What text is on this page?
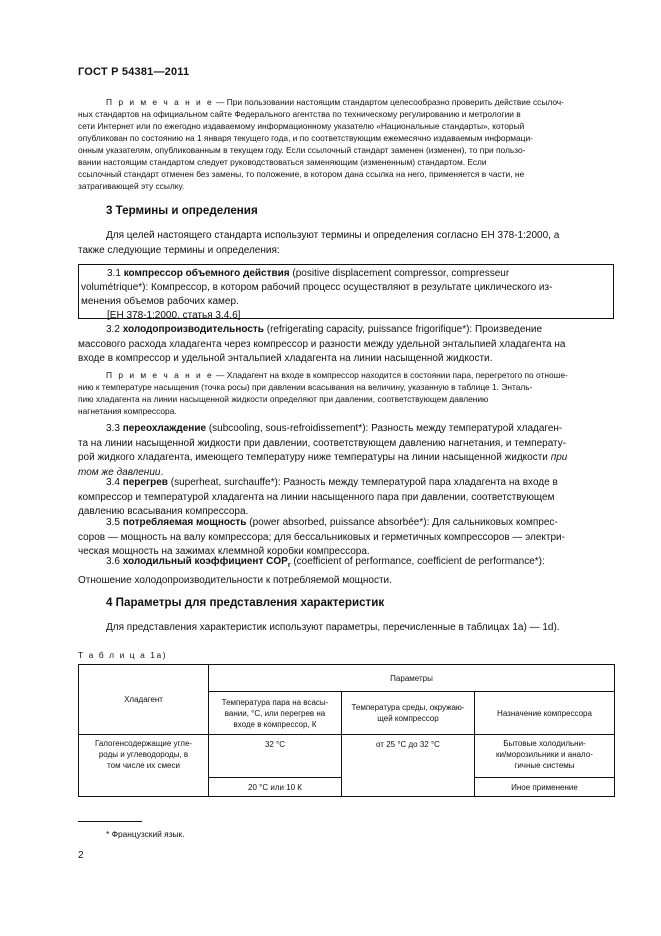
ГОСТ Р 54381—2011
П р и м е ч а н и е — При пользовании настоящим стандартом целесообразно проверить действие ссылоч-
ных стандартов на официальном сайте Федерального агентства по техническому регулированию и метрологии в
сети Интернет или по ежегодно издаваемому информационному указателю «Национальные стандарты», который
опубликован по состоянию на 1 января текущего года, и по соответствующим ежемесячно издаваемым информаци-
онным указателям, опубликованным в текущем году. Если ссылочный стандарт заменен (изменен), то при пользо-
вании настоящим стандартом следует руководствоваться заменяющим (измененным) стандартом. Если
ссылочный стандарт отменен без замены, то положение, в котором дана ссылка на него, применяется в части, не
затрагивающей эту ссылку.
3 Термины и определения

Для целей настоящего стандарта используют термины и определения согласно ЕН 378-1:2000, а

также следующие термины и определения:

3.1 компрессор объемного действия (positive displacement compressor, compresseur

volumétrique*): Компрессор, в котором рабочий процесс осуществляют в результате циклического из-

менения объемов рабочих камер.

[ЕН 378-1:2000, статья 3.4.6]

3.2 холодопроизводительность (refrigerating capacity, puissance frigorifique*): Произведение

массового расхода хладагента через компрессор и разности между удельной энтальпией хладагента на
входе в компрессор и удельной энтальпией хладагента на линии насыщенной жидкости.
П р и м е ч а н и е — Хладагент на входе в компрессор находится в состоянии пара, перегретого по отноше-
нию к температуре насыщения (точка росы) при давлении всасывания на величину, указанную в таблице 1. Энталь-
пию хладагента на линии насыщенной жидкости определяют при давлении, соответствующем давлению
нагнетания компрессора.

3.3 переохлаждение (subcooling, sous-refroidissement*): Разность между температурой хладаген-

та на линии насыщенной жидкости при давлении, соответствующем давлению нагнетания, и температу-
рой жидкого хладагента, имеющего температуру ниже температуры на линии насыщенной жидкости при
том же давлении.

3.4 перегрев (superheat, surchauffe*): Разность между температурой пара хладагента на входе в

компрессор и температурой хладагента на линии насыщенного пара при давлении, соответствующем
давлению всасывания компрессора.

3.5 потребляемая мощность (power absorbed, puissance absorbée*): Для сальниковых компрес-

соров — мощность на валу компрессора; для бессальниковых и герметичных компрессоров — электри-
ческая мощность на зажимах клеммной коробки компрессора.

3.6 холодильный коэффициент $COP_r$ (coefficient of performance, coefficient de performance*):

Отношение холодопроизводительности к потребляемой мощности.
4 Параметры для представления характеристик

Для представления характеристик используют параметры, перечисленные в таблицах 1а) — 1d).

Т а б л и ц а 1а)
Хладагент	Параметры		
	Температура пара на всасы-
вании, °С, или перегрев на
входе в компрессор, К	Температура среды, окружаю-
щей компрессор	Назначение компрессора
Галогенсодержащие угле-
роды и углеводороды, в
том числе их смеси	32 °С	от 25 °С до 32 °С	Бытовые холодильни-
ки/морозильники и анало-
гичные системы
	20 °С или 10 К		Иное применение
* Французский язык.
2
